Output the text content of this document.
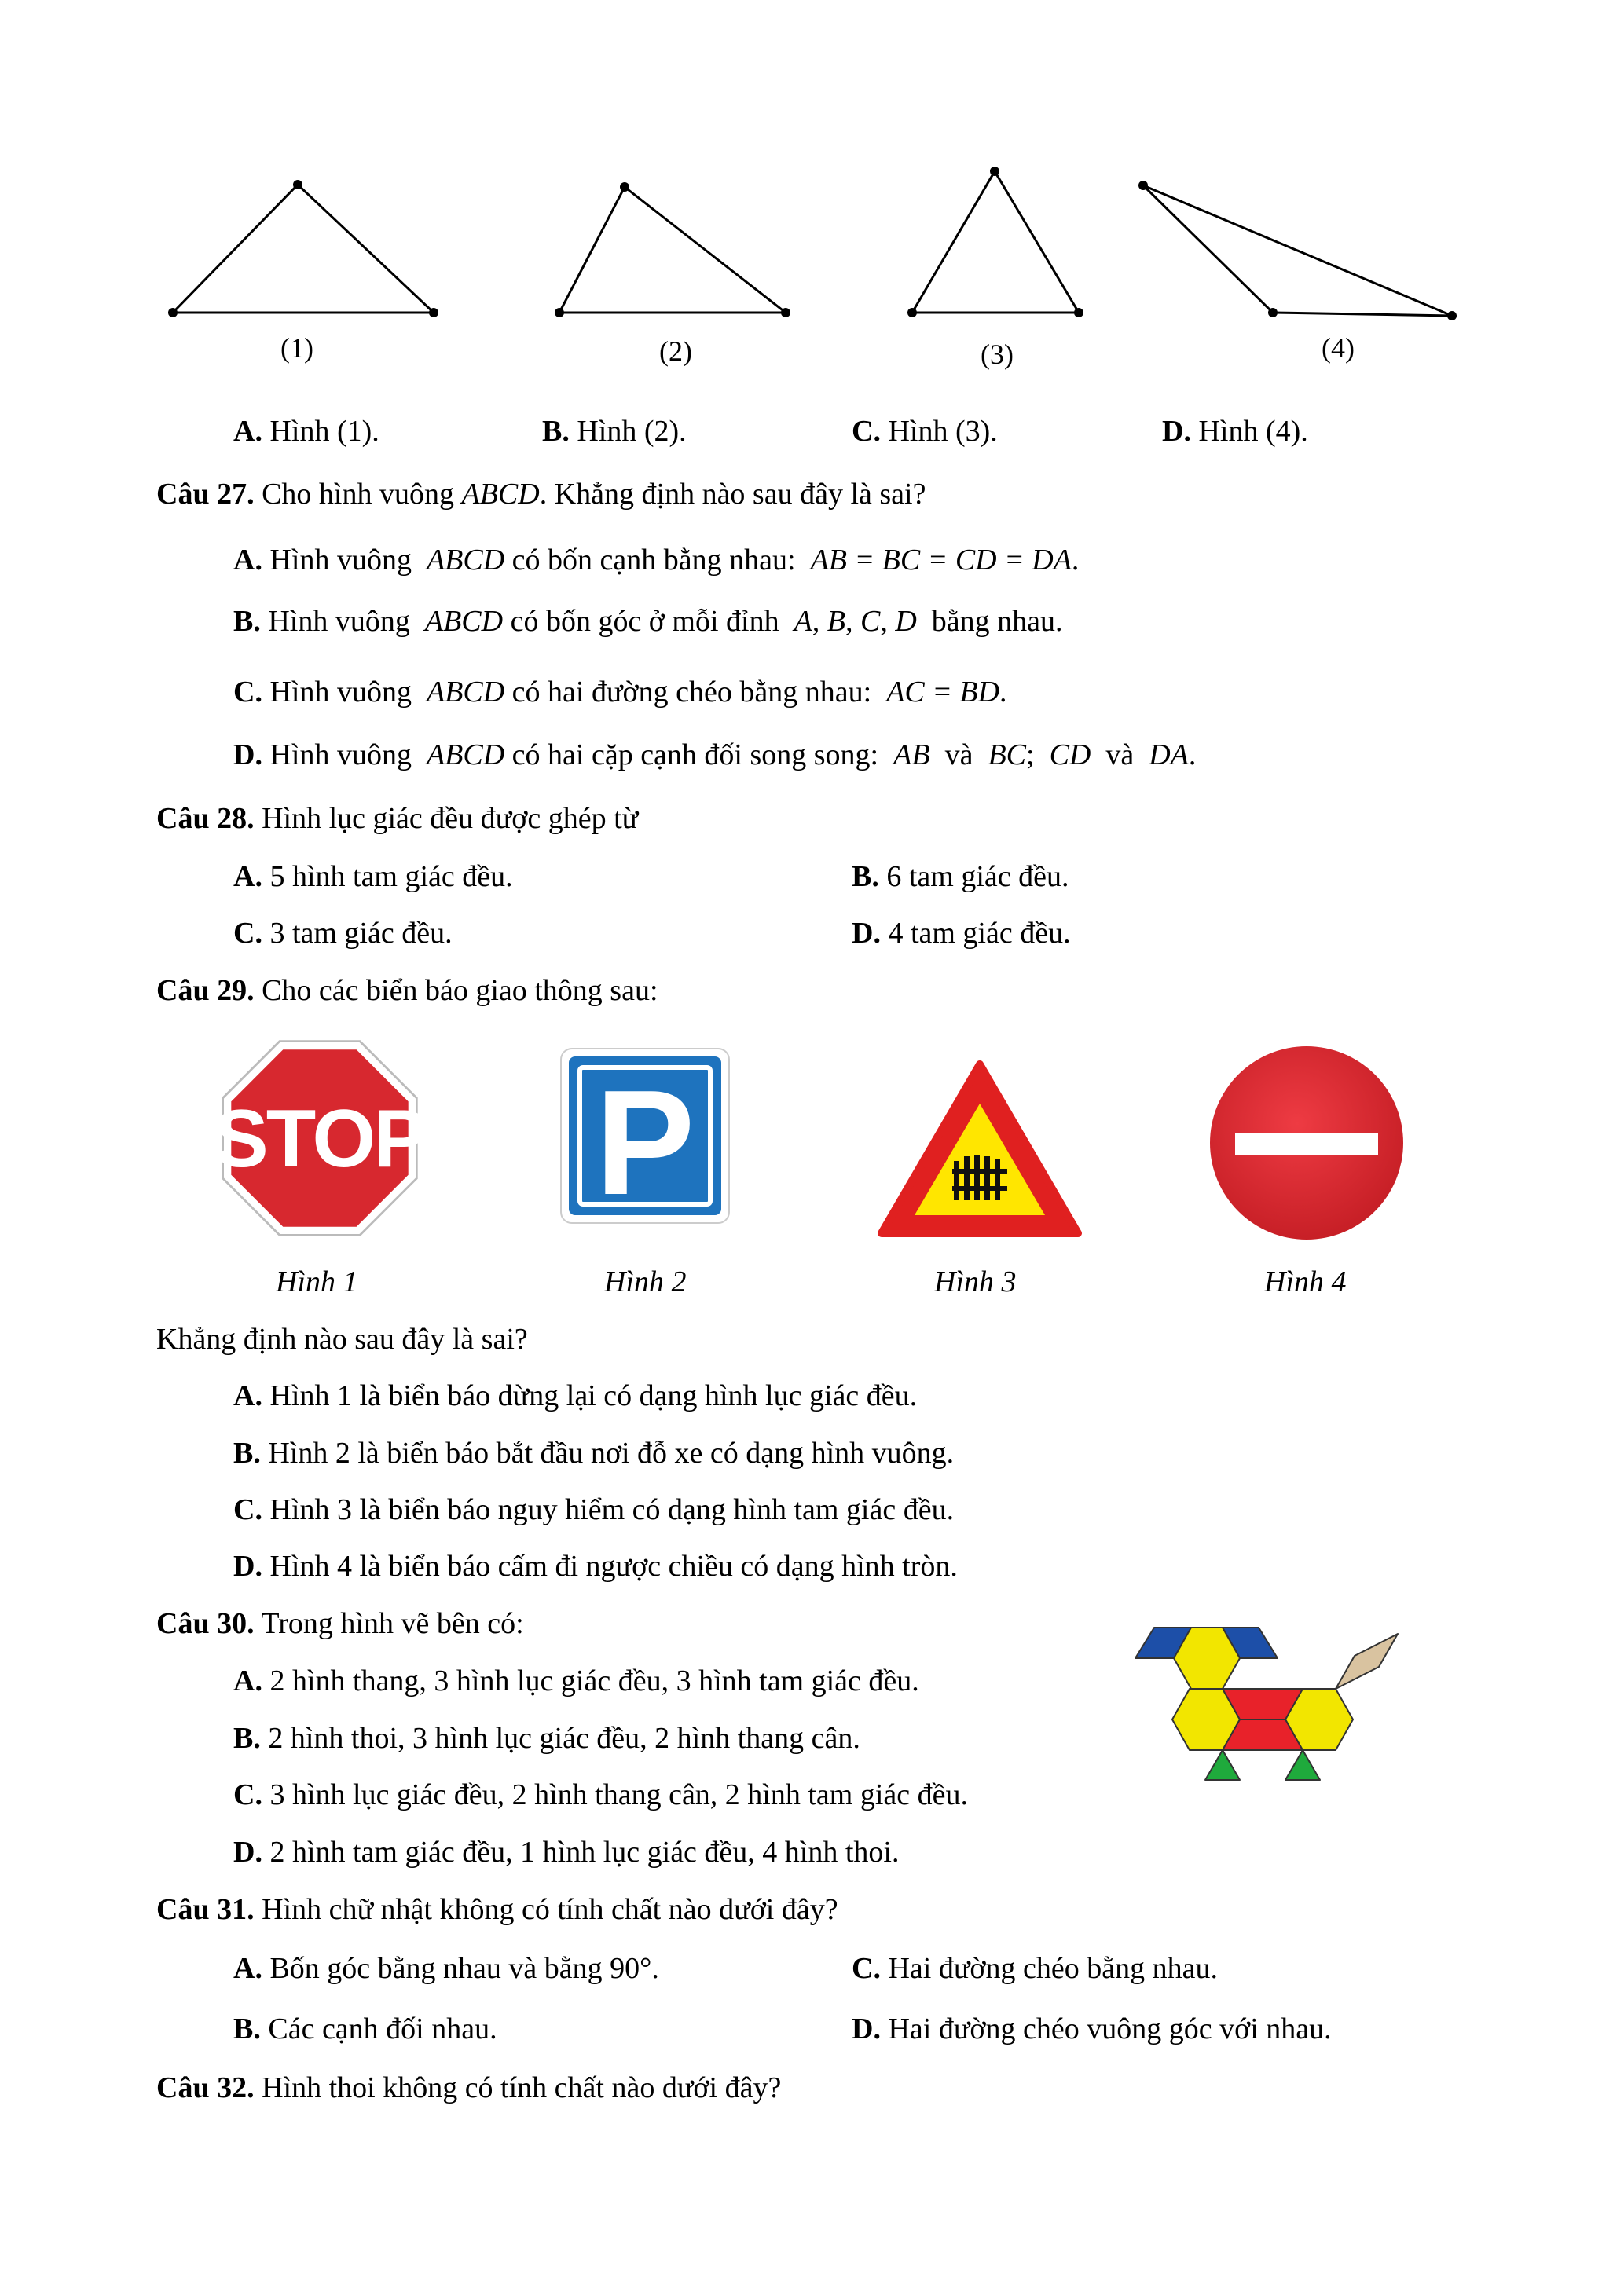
(1)	(2)	(3)	(4)
A. Hình (1).	B. Hình (2).	C. Hình (3).	D. Hình (4).
Câu 27. Cho hình vuông ABCD. Khẳng định nào sau đây là sai?
A. Hình vuông ABCD có bốn cạnh bằng nhau: AB = BC = CD = DA.
B. Hình vuông ABCD có bốn góc ở mỗi đỉnh A, B, C, D bằng nhau.
C. Hình vuông ABCD có hai đường chéo bằng nhau: AC = BD.
D. Hình vuông ABCD có hai cặp cạnh đối song song: AB và BC; CD và DA.
Câu 28. Hình lục giác đều được ghép từ
A. 5 hình tam giác đều.	B. 6 tam giác đều.
C. 3 tam giác đều.	D. 4 tam giác đều.
Câu 29. Cho các biển báo giao thông sau:
STOP P
Hình 1	Hình 2	Hình 3	Hình 4
Khẳng định nào sau đây là sai?
A. Hình 1 là biển báo dừng lại có dạng hình lục giác đều.
B. Hình 2 là biển báo bắt đầu nơi đỗ xe có dạng hình vuông.
C. Hình 3 là biển báo nguy hiểm có dạng hình tam giác đều.
D. Hình 4 là biển báo cấm đi ngược chiều có dạng hình tròn.
Câu 30. Trong hình vẽ bên có:
A. 2 hình thang, 3 hình lục giác đều, 3 hình tam giác đều.
B. 2 hình thoi, 3 hình lục giác đều, 2 hình thang cân.
C. 3 hình lục giác đều, 2 hình thang cân, 2 hình tam giác đều.
D. 2 hình tam giác đều, 1 hình lục giác đều, 4 hình thoi.
Câu 31. Hình chữ nhật không có tính chất nào dưới đây?
A. Bốn góc bằng nhau và bằng 90°.	C. Hai đường chéo bằng nhau.
B. Các cạnh đối nhau.	D. Hai đường chéo vuông góc với nhau.
Câu 32. Hình thoi không có tính chất nào dưới đây?
